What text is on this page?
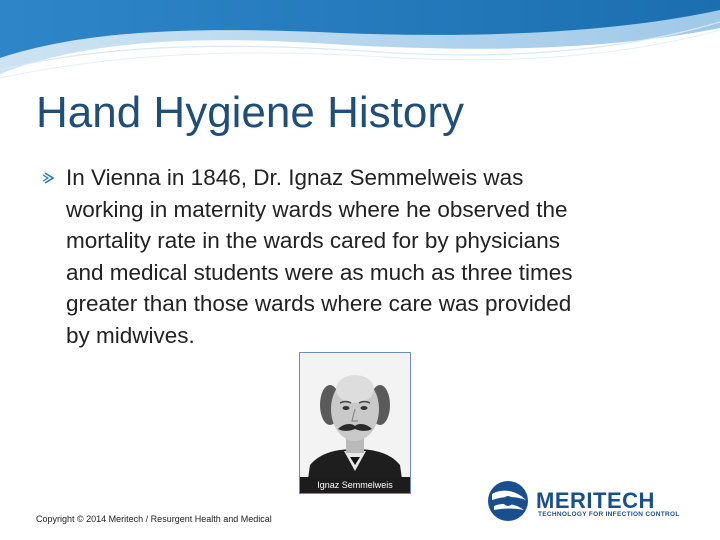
Hand Hygiene History
In Vienna in 1846, Dr. Ignaz Semmelweis was
working in maternity wards where he observed the
mortality rate in the wards cared for by physicians
and medical students were as much as three times
greater than those wards where care was provided
by midwives.
Ignaz Semmelweis
Copyright © 2014 Meritech / Resurgent Health and Medical
MERITECH
TECHNOLOGY FOR INFECTION CONTROL
